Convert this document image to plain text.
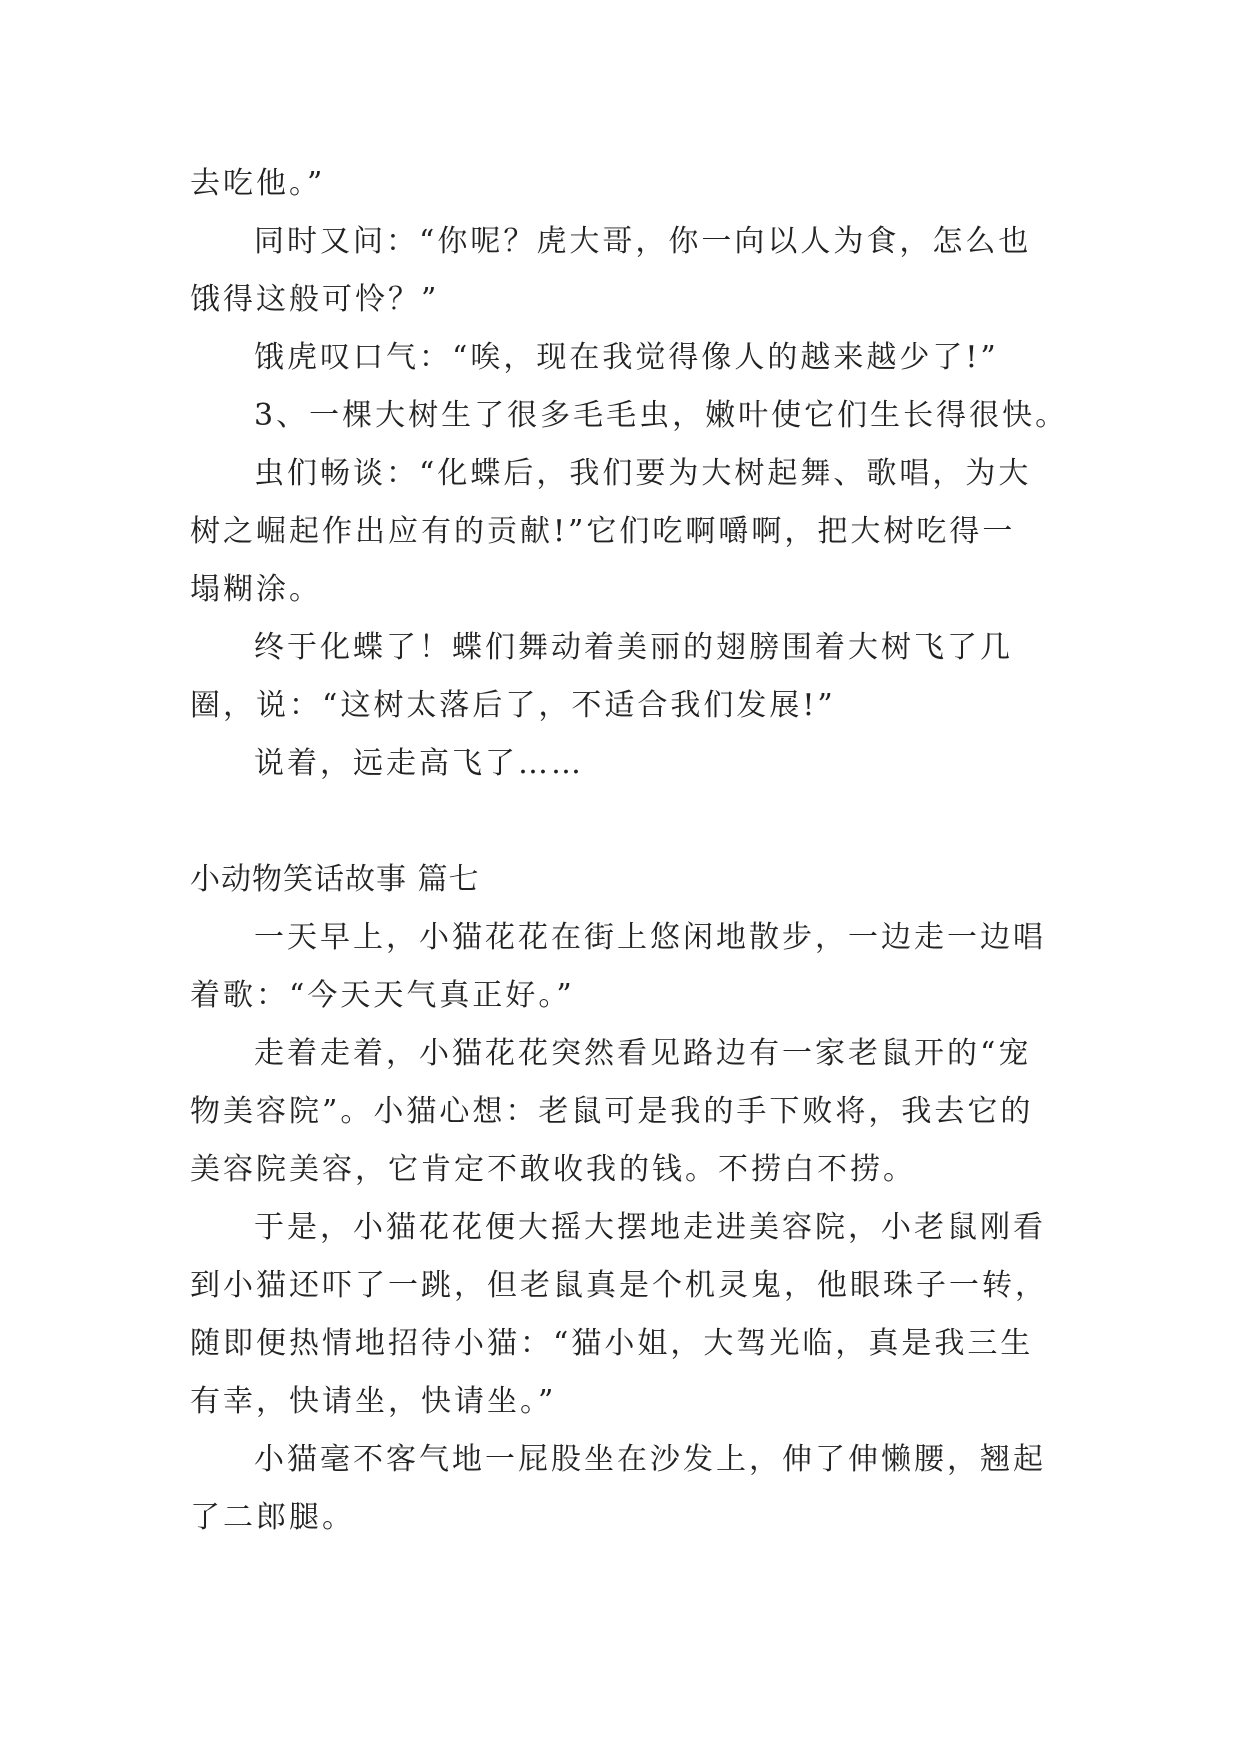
去吃他。”
同时又问：“你呢？虎大哥，你一向以人为食，怎么也
饿得这般可怜？”
饿虎叹口气：“唉，现在我觉得像人的越来越少了!”
3、一棵大树生了很多毛毛虫，嫩叶使它们生长得很快。
虫们畅谈：“化蝶后，我们要为大树起舞、歌唱，为大
树之崛起作出应有的贡献!”它们吃啊嚼啊，把大树吃得一
塌糊涂。
终于化蝶了！蝶们舞动着美丽的翅膀围着大树飞了几
圈，说：“这树太落后了，不适合我们发展!”
说着，远走高飞了……
小动物笑话故事 篇七
一天早上，小猫花花在街上悠闲地散步，一边走一边唱
着歌：“今天天气真正好。”
走着走着，小猫花花突然看见路边有一家老鼠开的“宠
物美容院”。小猫心想：老鼠可是我的手下败将，我去它的
美容院美容，它肯定不敢收我的钱。不捞白不捞。
于是，小猫花花便大摇大摆地走进美容院，小老鼠刚看
到小猫还吓了一跳，但老鼠真是个机灵鬼，他眼珠子一转，
随即便热情地招待小猫：“猫小姐，大驾光临，真是我三生
有幸，快请坐，快请坐。”
小猫毫不客气地一屁股坐在沙发上，伸了伸懒腰，翘起
了二郎腿。
